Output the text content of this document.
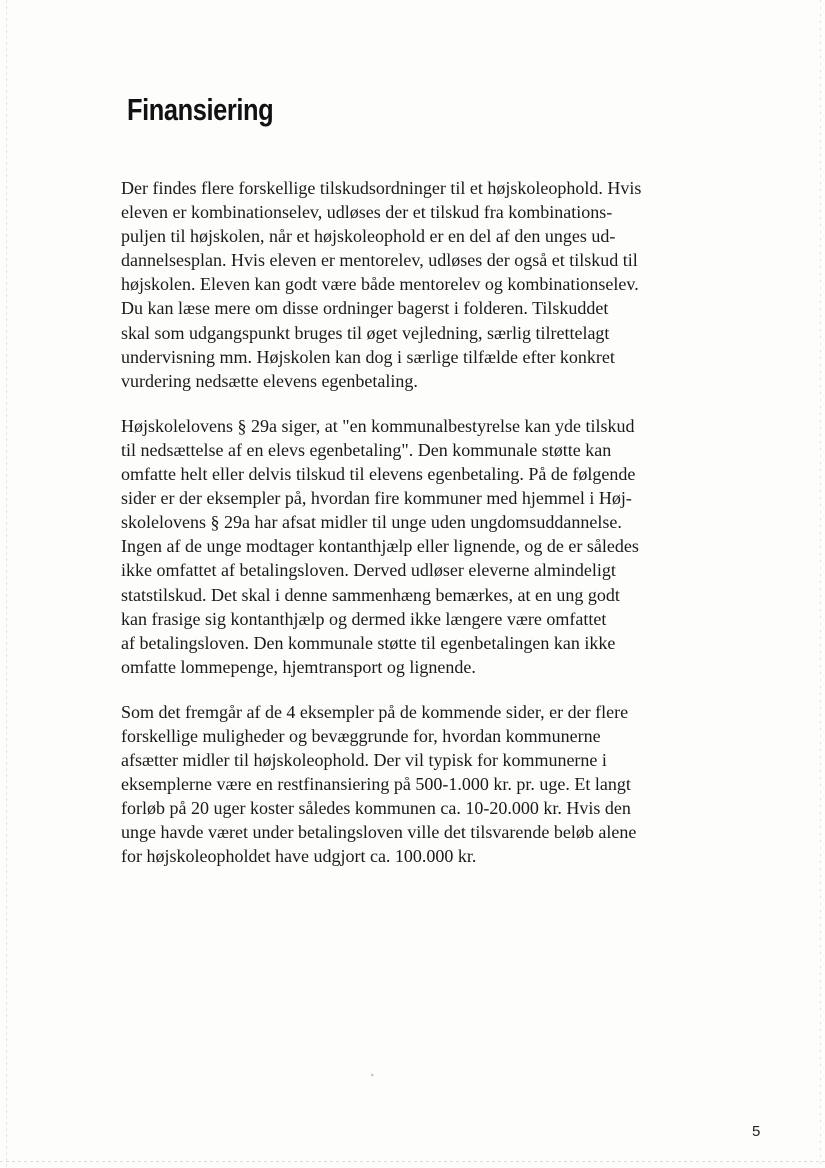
Finansiering

Der findes flere forskellige tilskudsordninger til et højskoleophold. Hvis
eleven er kombinationselev, udløses der et tilskud fra kombinations-
puljen til højskolen, når et højskoleophold er en del af den unges ud-
dannelsesplan. Hvis eleven er mentorelev, udløses der også et tilskud til
højskolen. Eleven kan godt være både mentorelev og kombinationselev.
Du kan læse mere om disse ordninger bagerst i folderen. Tilskuddet
skal som udgangspunkt bruges til øget vejledning, særlig tilrettelagt
undervisning mm. Højskolen kan dog i særlige tilfælde efter konkret
vurdering nedsætte elevens egenbetaling.

Højskolelovens § 29a siger, at "en kommunalbestyrelse kan yde tilskud
til nedsættelse af en elevs egenbetaling". Den kommunale støtte kan
omfatte helt eller delvis tilskud til elevens egenbetaling. På de følgende
sider er der eksempler på, hvordan fire kommuner med hjemmel i Høj-
skolelovens § 29a har afsat midler til unge uden ungdomsuddannelse.
Ingen af de unge modtager kontanthjælp eller lignende, og de er således
ikke omfattet af betalingsloven. Derved udløser eleverne almindeligt
statstilskud. Det skal i denne sammenhæng bemærkes, at en ung godt
kan frasige sig kontanthjælp og dermed ikke længere være omfattet
af betalingsloven. Den kommunale støtte til egenbetalingen kan ikke
omfatte lommepenge, hjemtransport og lignende.

Som det fremgår af de 4 eksempler på de kommende sider, er der flere
forskellige muligheder og bevæggrunde for, hvordan kommunerne
afsætter midler til højskoleophold. Der vil typisk for kommunerne i
eksemplerne være en restfinansiering på 500-1.000 kr. pr. uge. Et langt
forløb på 20 uger koster således kommunen ca. 10-20.000 kr. Hvis den
unge havde været under betalingsloven ville det tilsvarende beløb alene
for højskoleopholdet have udgjort ca. 100.000 kr.

˃
5
